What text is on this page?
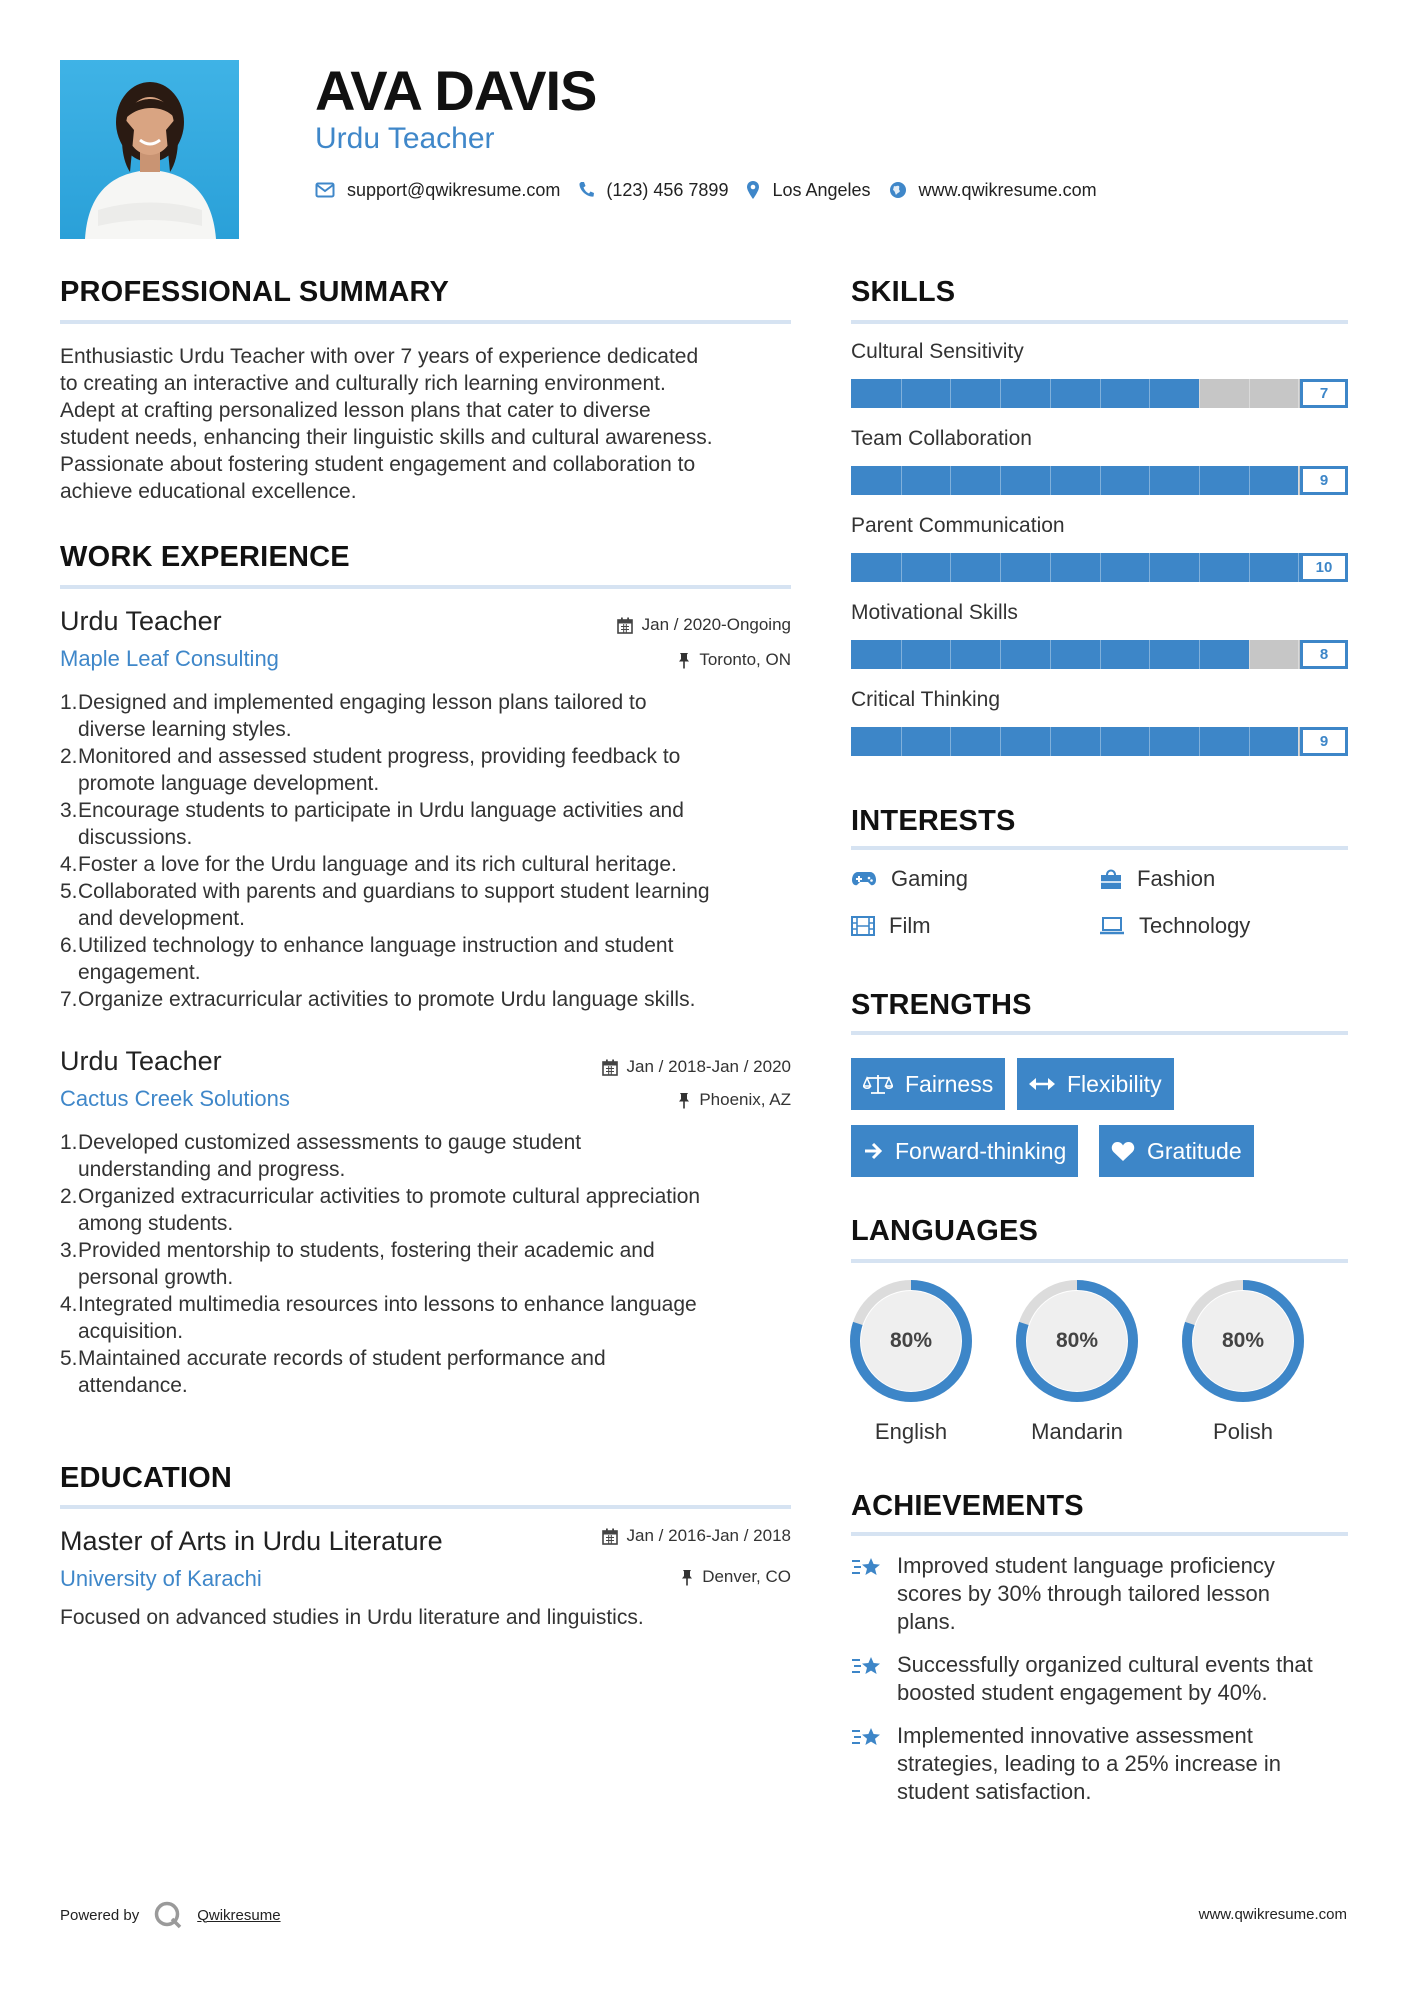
AVA DAVIS
Urdu Teacher
support@qwikresume.com	(123) 456 7899 Los Angeles	www.qwikresume.com
PROFESSIONAL SUMMARY
Enthusiastic Urdu Teacher with over 7 years of experience dedicated
to creating an interactive and culturally rich learning environment.
Adept at crafting personalized lesson plans that cater to diverse
student needs, enhancing their linguistic skills and cultural awareness.
Passionate about fostering student engagement and collaboration to
achieve educational excellence.
WORK EXPERIENCE
Urdu Teacher	Jan / 2020-Ongoing
Maple Leaf Consulting	Toronto, ON
1. Designed and implemented engaging lesson plans tailored to
diverse learning styles.
2. Monitored and assessed student progress, providing feedback to
promote language development.
3. Encourage students to participate in Urdu language activities and
discussions.
4. Foster a love for the Urdu language and its rich cultural heritage.
5. Collaborated with parents and guardians to support student learning
and development.
6. Utilized technology to enhance language instruction and student
engagement.
7. Organize extracurricular activities to promote Urdu language skills.
Urdu Teacher	Jan / 2018-Jan / 2020
Cactus Creek Solutions	Phoenix, AZ
1. Developed customized assessments to gauge student
understanding and progress.
2. Organized extracurricular activities to promote cultural appreciation
among students.
3. Provided mentorship to students, fostering their academic and
personal growth.
4. Integrated multimedia resources into lessons to enhance language
acquisition.
5. Maintained accurate records of student performance and
attendance.
EDUCATION
Master of Arts in Urdu Literature	Jan / 2016-Jan / 2018
University of Karachi	Denver, CO
Focused on advanced studies in Urdu literature and linguistics.
SKILLS
Cultural Sensitivity
7
Team Collaboration
9
Parent Communication
10
Motivational Skills
8
Critical Thinking
9
INTERESTS
Gaming	Fashion
Film	Technology
STRENGTHS
Fairness	Flexibility
Forward-thinking	Gratitude
LANGUAGES
80%
English
80%
Mandarin
80%
Polish
ACHIEVEMENTS
Improved student language proficiency
scores by 30% through tailored lesson
plans.
Successfully organized cultural events that
boosted student engagement by 40%.
Implemented innovative assessment
strategies, leading to a 25% increase in
student satisfaction.
Powered by	Qwikresume	www.qwikresume.com
